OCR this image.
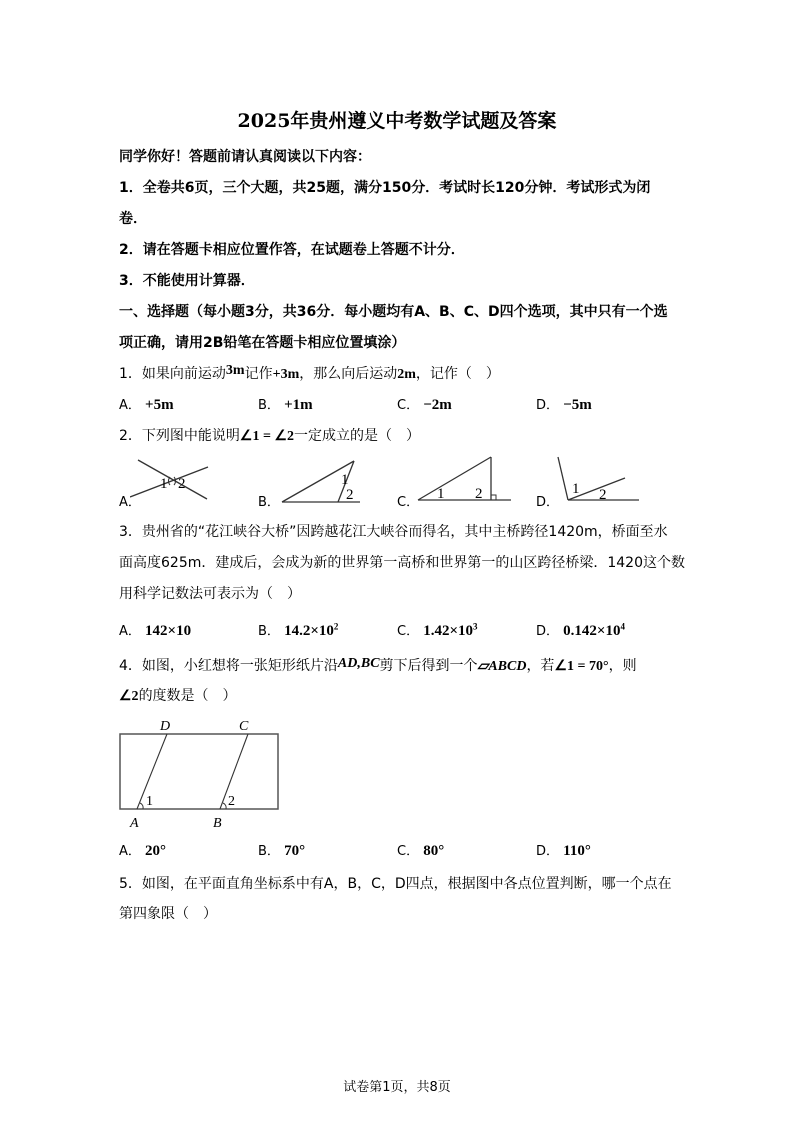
2025年贵州遵义中考数学试题及答案
同学你好！答题前请认真阅读以下内容：
1．全卷共6页，三个大题，共25题，满分150分．考试时长120分钟．考试形式为闭
卷．
2．请在答题卡相应位置作答，在试题卷上答题不计分．
3．不能使用计算器．
一、选择题（每小题3分，共36分．每小题均有A、B、C、D四个选项，其中只有一个选
项正确，请用2B铅笔在答题卡相应位置填涂）
1．如果向前运动3m记作+3m，那么向后运动2m，记作（　）
A． +5m	B． +1m	C． −2m	D． −5m
2．下列图中能说明∠1 = ∠2一定成立的是（　）
A．	B．	C．	D．
1 2	1
2	1 2	1 2
3．贵州省的“花江峡谷大桥”因跨越花江大峡谷而得名，其中主桥跨径1420m，桥面至水
面高度625m．建成后，会成为新的世界第一高桥和世界第一的山区跨径桥梁．1420这个数
用科学记数法可表示为（　）
A． 142×10	B． $14.2\times 10^2$	C． $1.42\times 10^3$	D． $0.142\times 10^4$
4．如图，小红想将一张矩形纸片沿AD,BC剪下后得到一个▱ABCD，若∠1 = 70°，则
∠2的度数是（　）
D	C
A	B
1	2
A． 20°	B． 70°	C． 80°	D． 110°
5．如图，在平面直角坐标系中有A，B，C，D四点，根据图中各点位置判断，哪一个点在
第四象限（　）
试卷第1页，共8页
